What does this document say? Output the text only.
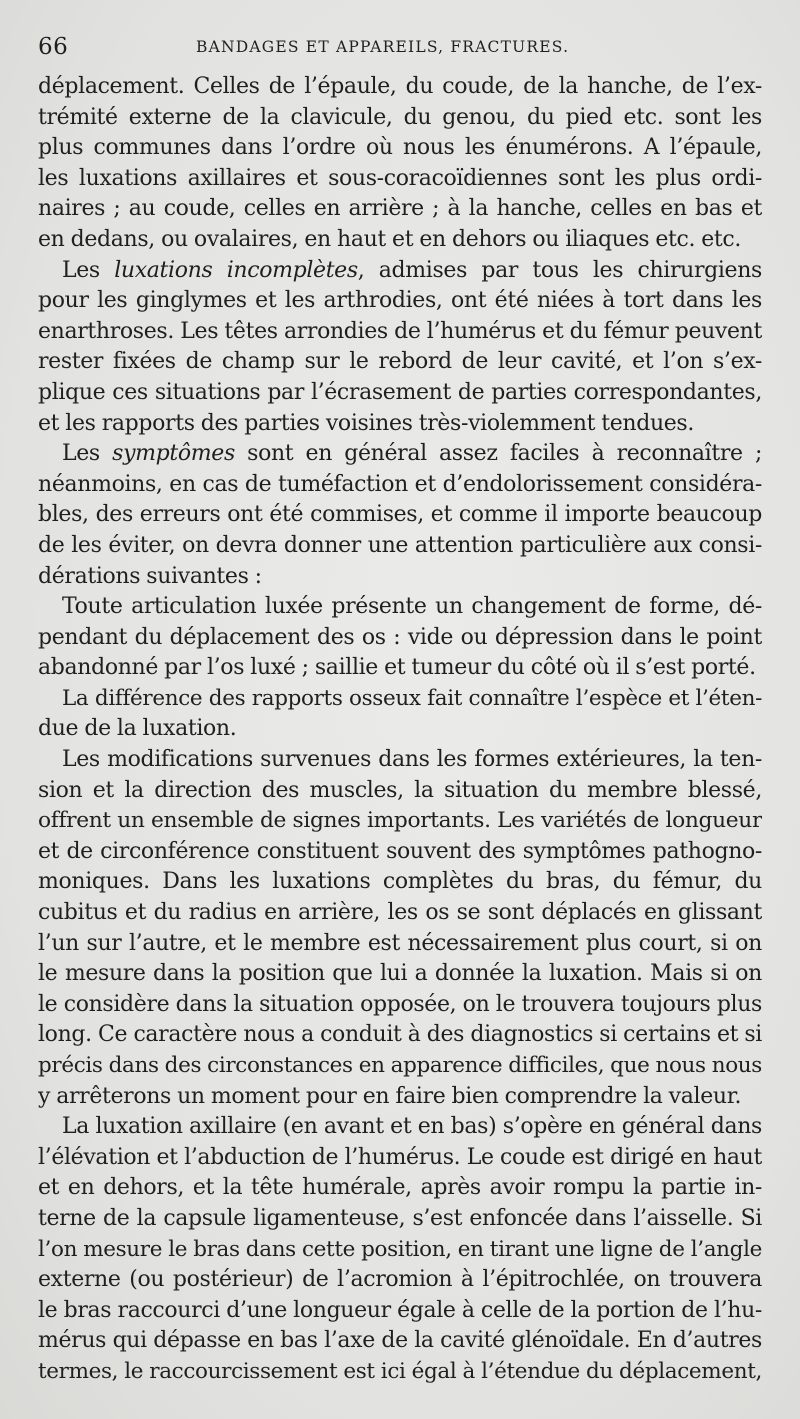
66	BANDAGES ET APPAREILS, FRACTURES.
déplacement. Celles de l’épaule, du coude, de la hanche, de l’ex-
trémité externe de la clavicule, du genou, du pied etc. sont les
plus communes dans l’ordre où nous les énumérons. A l’épaule,
les luxations axillaires et sous-coracoïdiennes sont les plus ordi-
naires ; au coude, celles en arrière ; à la hanche, celles en bas et
en dedans, ou ovalaires, en haut et en dehors ou iliaques etc. etc.
Les luxations incomplètes, admises par tous les chirurgiens
pour les ginglymes et les arthrodies, ont été niées à tort dans les
enarthroses. Les têtes arrondies de l’humérus et du fémur peuvent
rester fixées de champ sur le rebord de leur cavité, et l’on s’ex-
plique ces situations par l’écrasement de parties correspondantes,
et les rapports des parties voisines très-violemment tendues.
Les symptômes sont en général assez faciles à reconnaître ;
néanmoins, en cas de tuméfaction et d’endolorissement considéra-
bles, des erreurs ont été commises, et comme il importe beaucoup
de les éviter, on devra donner une attention particulière aux consi-
dérations suivantes :
Toute articulation luxée présente un changement de forme, dé-
pendant du déplacement des os : vide ou dépression dans le point
abandonné par l’os luxé ; saillie et tumeur du côté où il s’est porté.
La différence des rapports osseux fait connaître l’espèce et l’éten-
due de la luxation.
Les modifications survenues dans les formes extérieures, la ten-
sion et la direction des muscles, la situation du membre blessé,
offrent un ensemble de signes importants. Les variétés de longueur
et de circonférence constituent souvent des symptômes pathogno-
moniques. Dans les luxations complètes du bras, du fémur, du
cubitus et du radius en arrière, les os se sont déplacés en glissant
l’un sur l’autre, et le membre est nécessairement plus court, si on
le mesure dans la position que lui a donnée la luxation. Mais si on
le considère dans la situation opposée, on le trouvera toujours plus
long. Ce caractère nous a conduit à des diagnostics si certains et si
précis dans des circonstances en apparence difficiles, que nous nous
y arrêterons un moment pour en faire bien comprendre la valeur.
La luxation axillaire (en avant et en bas) s’opère en général dans
l’élévation et l’abduction de l’humérus. Le coude est dirigé en haut
et en dehors, et la tête humérale, après avoir rompu la partie in-
terne de la capsule ligamenteuse, s’est enfoncée dans l’aisselle. Si
l’on mesure le bras dans cette position, en tirant une ligne de l’angle
externe (ou postérieur) de l’acromion à l’épitrochlée, on trouvera
le bras raccourci d’une longueur égale à celle de la portion de l’hu-
mérus qui dépasse en bas l’axe de la cavité glénoïdale. En d’autres
termes, le raccourcissement est ici égal à l’étendue du déplacement,
